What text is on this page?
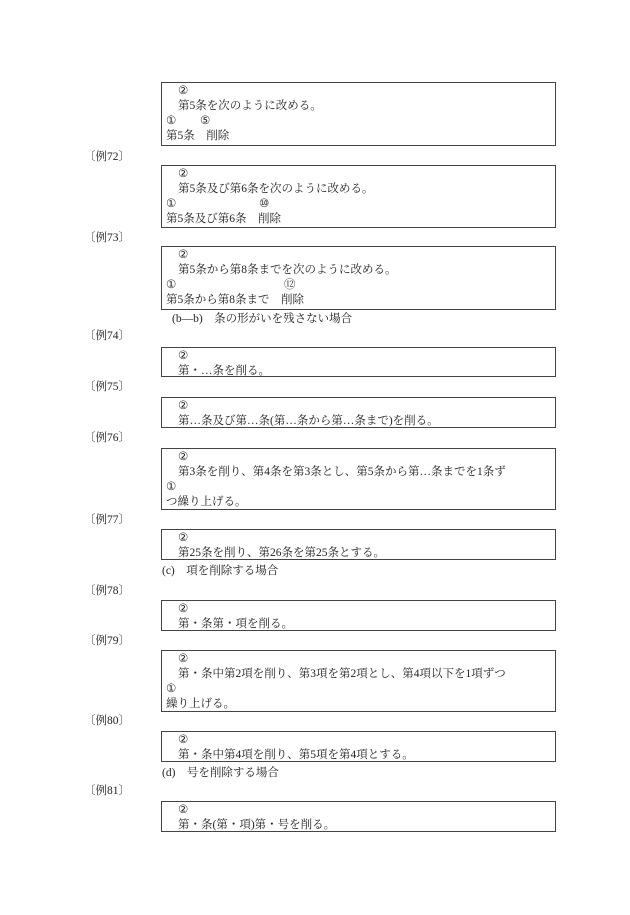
②
第5条を次のように改める。
① ⑤
第5条　削除
〔例72〕
②
第5条及び第6条を次のように改める。
①	⑩
第5条及び第6条　削除
〔例73〕
②
第5条から第8条までを次のように改める。
①	⑫
第5条から第8条まで　削除
(b—b)　条の形がいを残さない場合
〔例74〕
②
第・…条を削る。
〔例75〕
②
第…条及び第…条(第…条から第…条まで)を削る。
〔例76〕
②
第3条を削り、第4条を第3条とし、第5条から第…条までを1条ず
①
つ繰り上げる。
〔例77〕
②
第25条を削り、第26条を第25条とする。
(c)　項を削除する場合
〔例78〕
②
第・条第・項を削る。
〔例79〕
②
第・条中第2項を削り、第3項を第2項とし、第4項以下を1項ずつ
①
繰り上げる。
〔例80〕
②
第・条中第4項を削り、第5項を第4項とする。
(d)　号を削除する場合
〔例81〕
②
第・条(第・項)第・号を削る。
